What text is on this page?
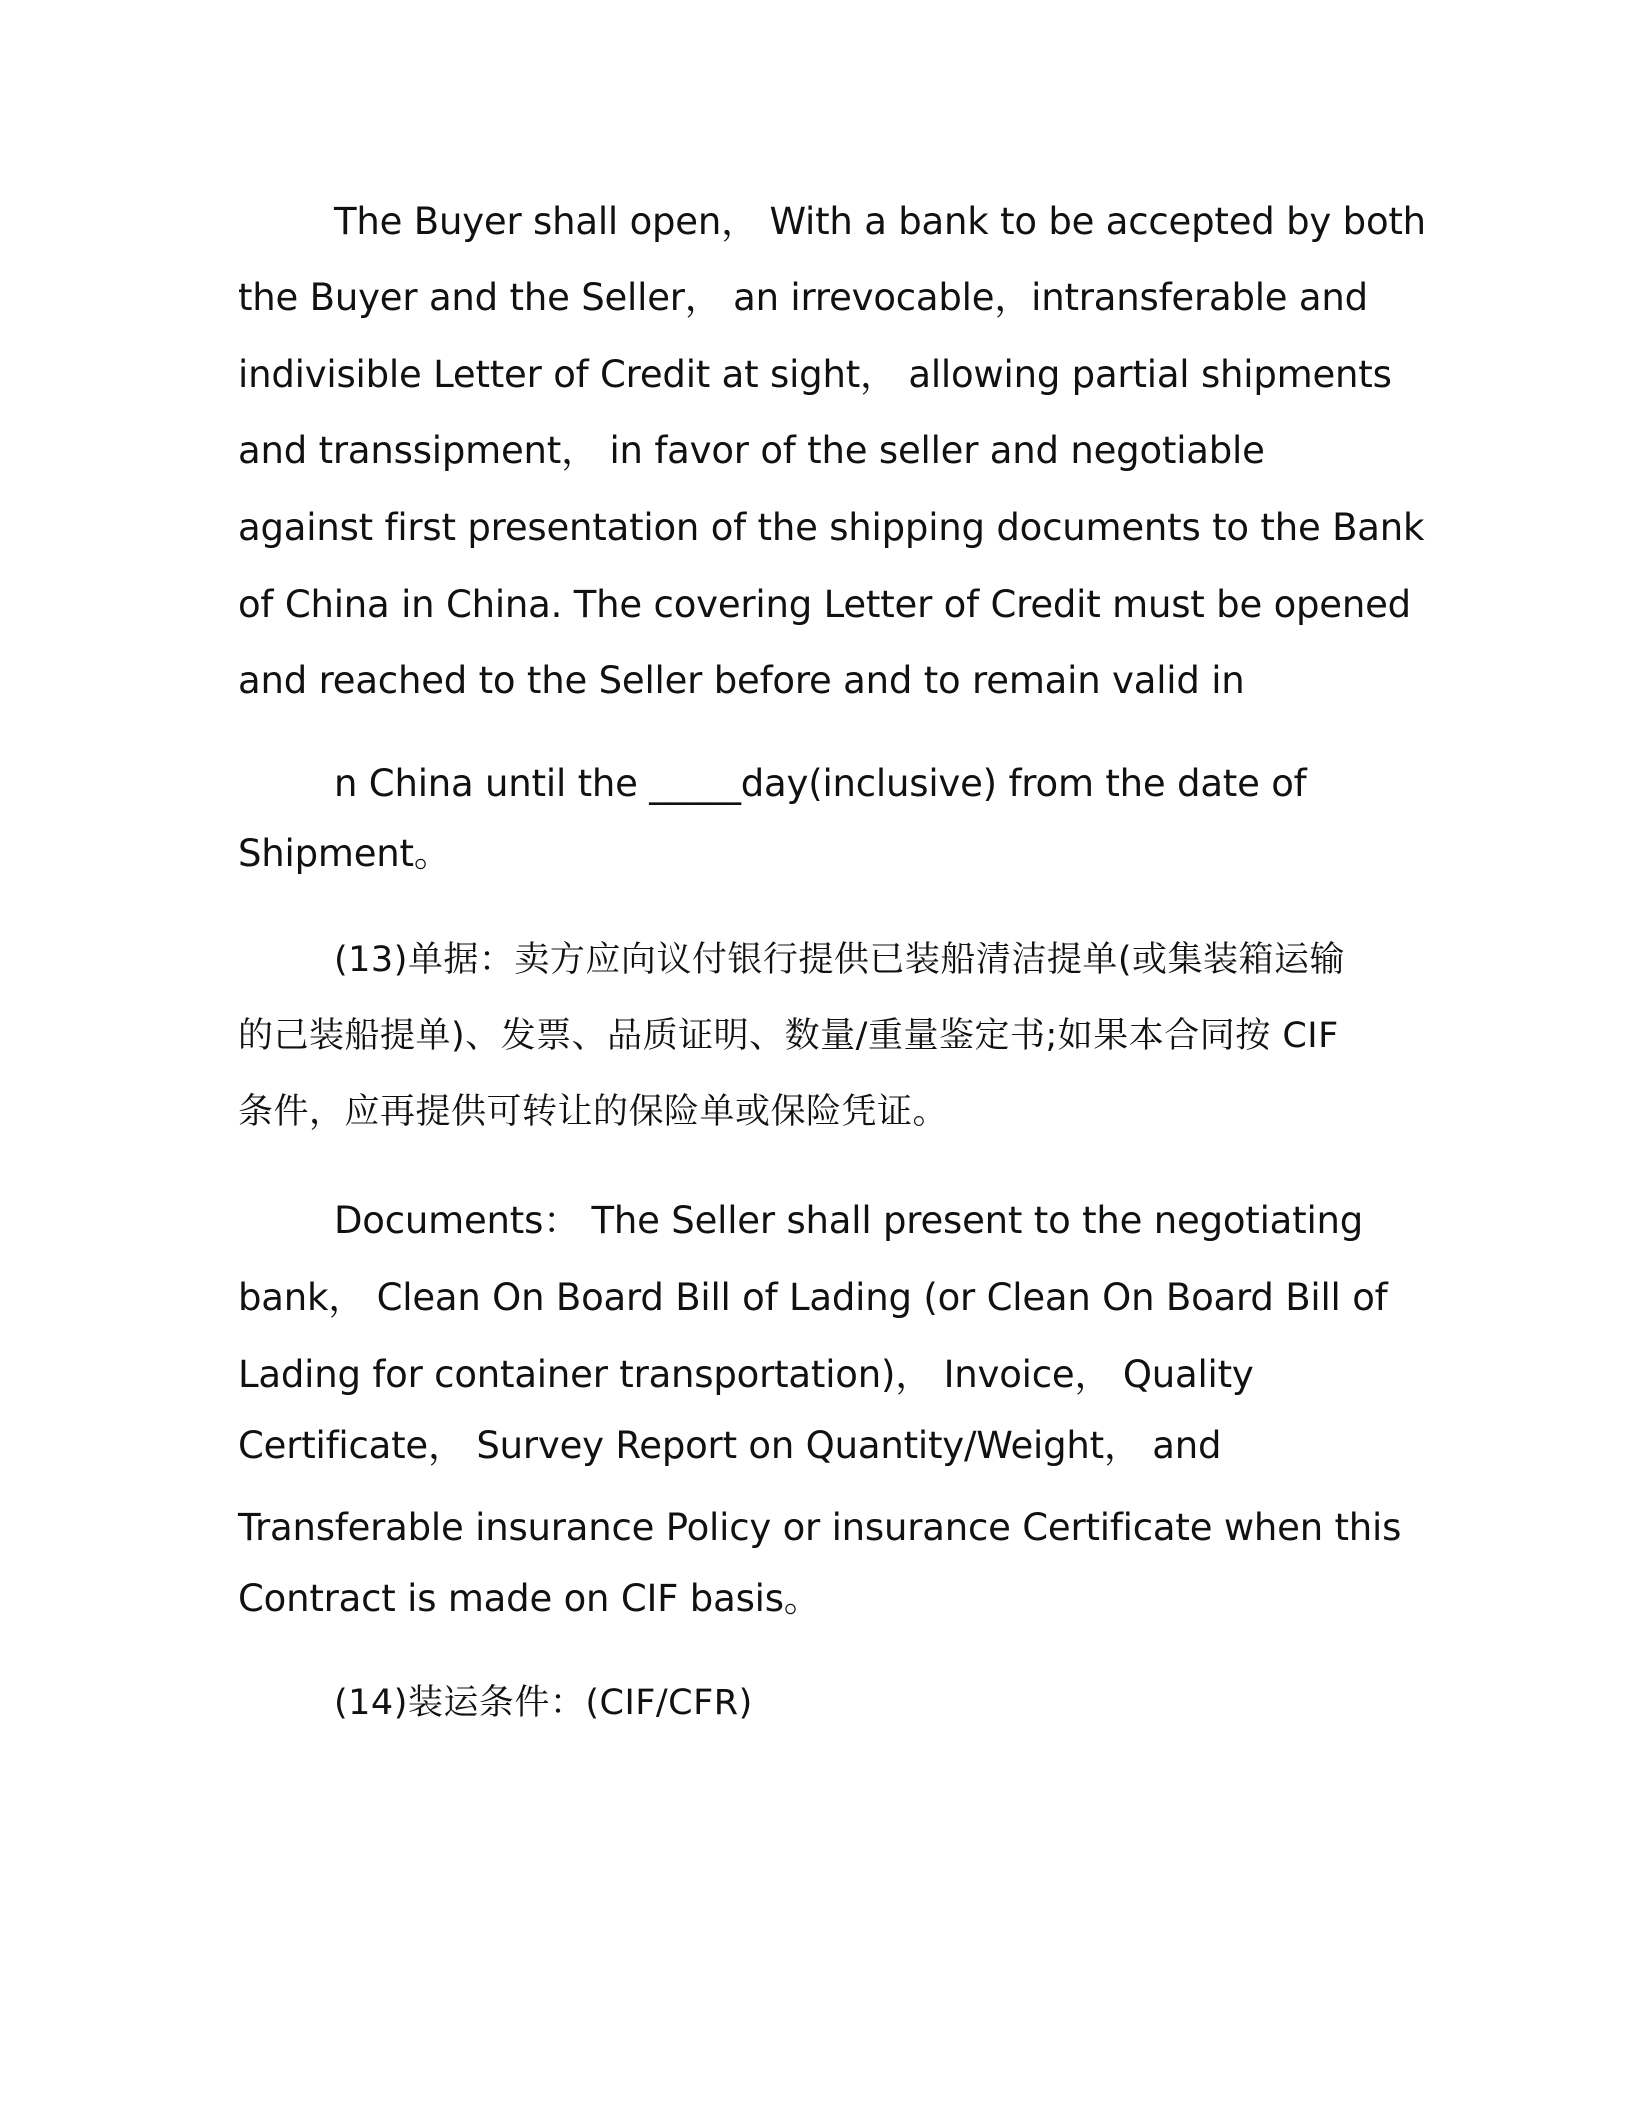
The Buyer shall open， With a bank to be accepted by both
the Buyer and the Seller， an irrevocable，intransferable and
indivisible Letter of Credit at sight， allowing partial shipments
and transsipment， in favor of the seller and negotiable
against first presentation of the shipping documents to the Bank
of China in China. The covering Letter of Credit must be opened
and reached to the Seller before and to remain valid in
n China until the _____day(inclusive) from the date of
Shipment。
(13)单据：卖方应向议付银行提供已装船清洁提单(或集装箱运输
的己装船提单)、发票、品质证明、数量/重量鉴定书;如果本合同按 CIF
条件，应再提供可转让的保险单或保险凭证。
Documents： The Seller shall present to the negotiating
bank， Clean On Board Bill of Lading (or Clean On Board Bill of
Lading for container transportation)， Invoice， Quality
Certificate， Survey Report on Quantity/Weight， and
Transferable insurance Policy or insurance Certificate when this
Contract is made on CIF basis。
(14)装运条件：(CIF/CFR)
